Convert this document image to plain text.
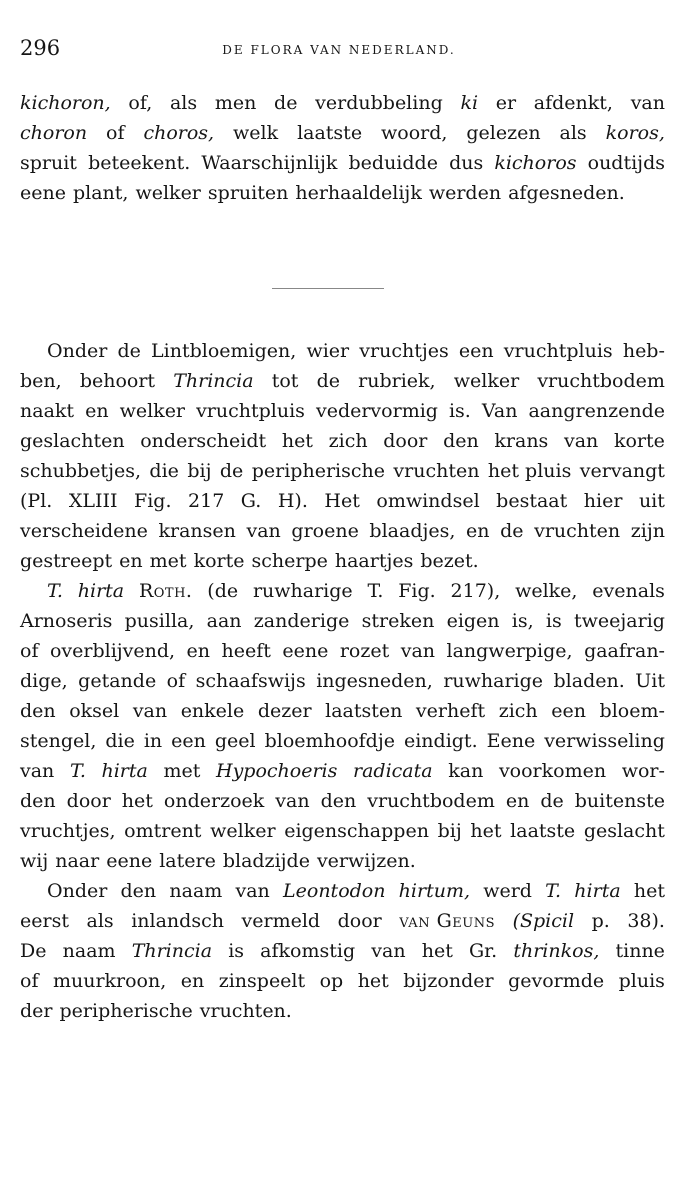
296	DE FLORA VAN NEDERLAND.
kichoron, of, als men de verdubbeling ki er afdenkt, van
choron of choros, welk laatste woord, gelezen als koros,
spruit beteekent. Waarschijnlijk beduidde dus kichoros oudtijds
eene plant, welker spruiten herhaaldelijk werden afgesneden.
Onder de Lintbloemigen, wier vruchtjes een vruchtpluis heb-
ben, behoort Thrincia tot de rubriek, welker vruchtbodem
naakt en welker vruchtpluis vedervormig is. Van aangrenzende
geslachten onderscheidt het zich door den krans van korte
schubbetjes, die bij de peripherische vruchten het pluis vervangt
(Pl. XLIII Fig. 217 G. H). Het omwindsel bestaat hier uit
verscheidene kransen van groene blaadjes, en de vruchten zijn
gestreept en met korte scherpe haartjes bezet.
T. hirta Roth. (de ruwharige T. Fig. 217), welke, evenals
Arnoseris pusilla, aan zanderige streken eigen is, is tweejarig
of overblijvend, en heeft eene rozet van langwerpige, gaafran-
dige, getande of schaafswijs ingesneden, ruwharige bladen. Uit
den oksel van enkele dezer laatsten verheft zich een bloem-
stengel, die in een geel bloemhoofdje eindigt. Eene verwisseling
van T. hirta met Hypochoeris radicata kan voorkomen wor-
den door het onderzoek van den vruchtbodem en de buitenste
vruchtjes, omtrent welker eigenschappen bij het laatste geslacht
wij naar eene latere bladzijde verwijzen.
Onder den naam van Leontodon hirtum, werd T. hirta het
eerst als inlandsch vermeld door van Geuns (Spicil p. 38).
De naam Thrincia is afkomstig van het Gr. thrinkos, tinne
of muurkroon, en zinspeelt op het bijzonder gevormde pluis
der peripherische vruchten.
